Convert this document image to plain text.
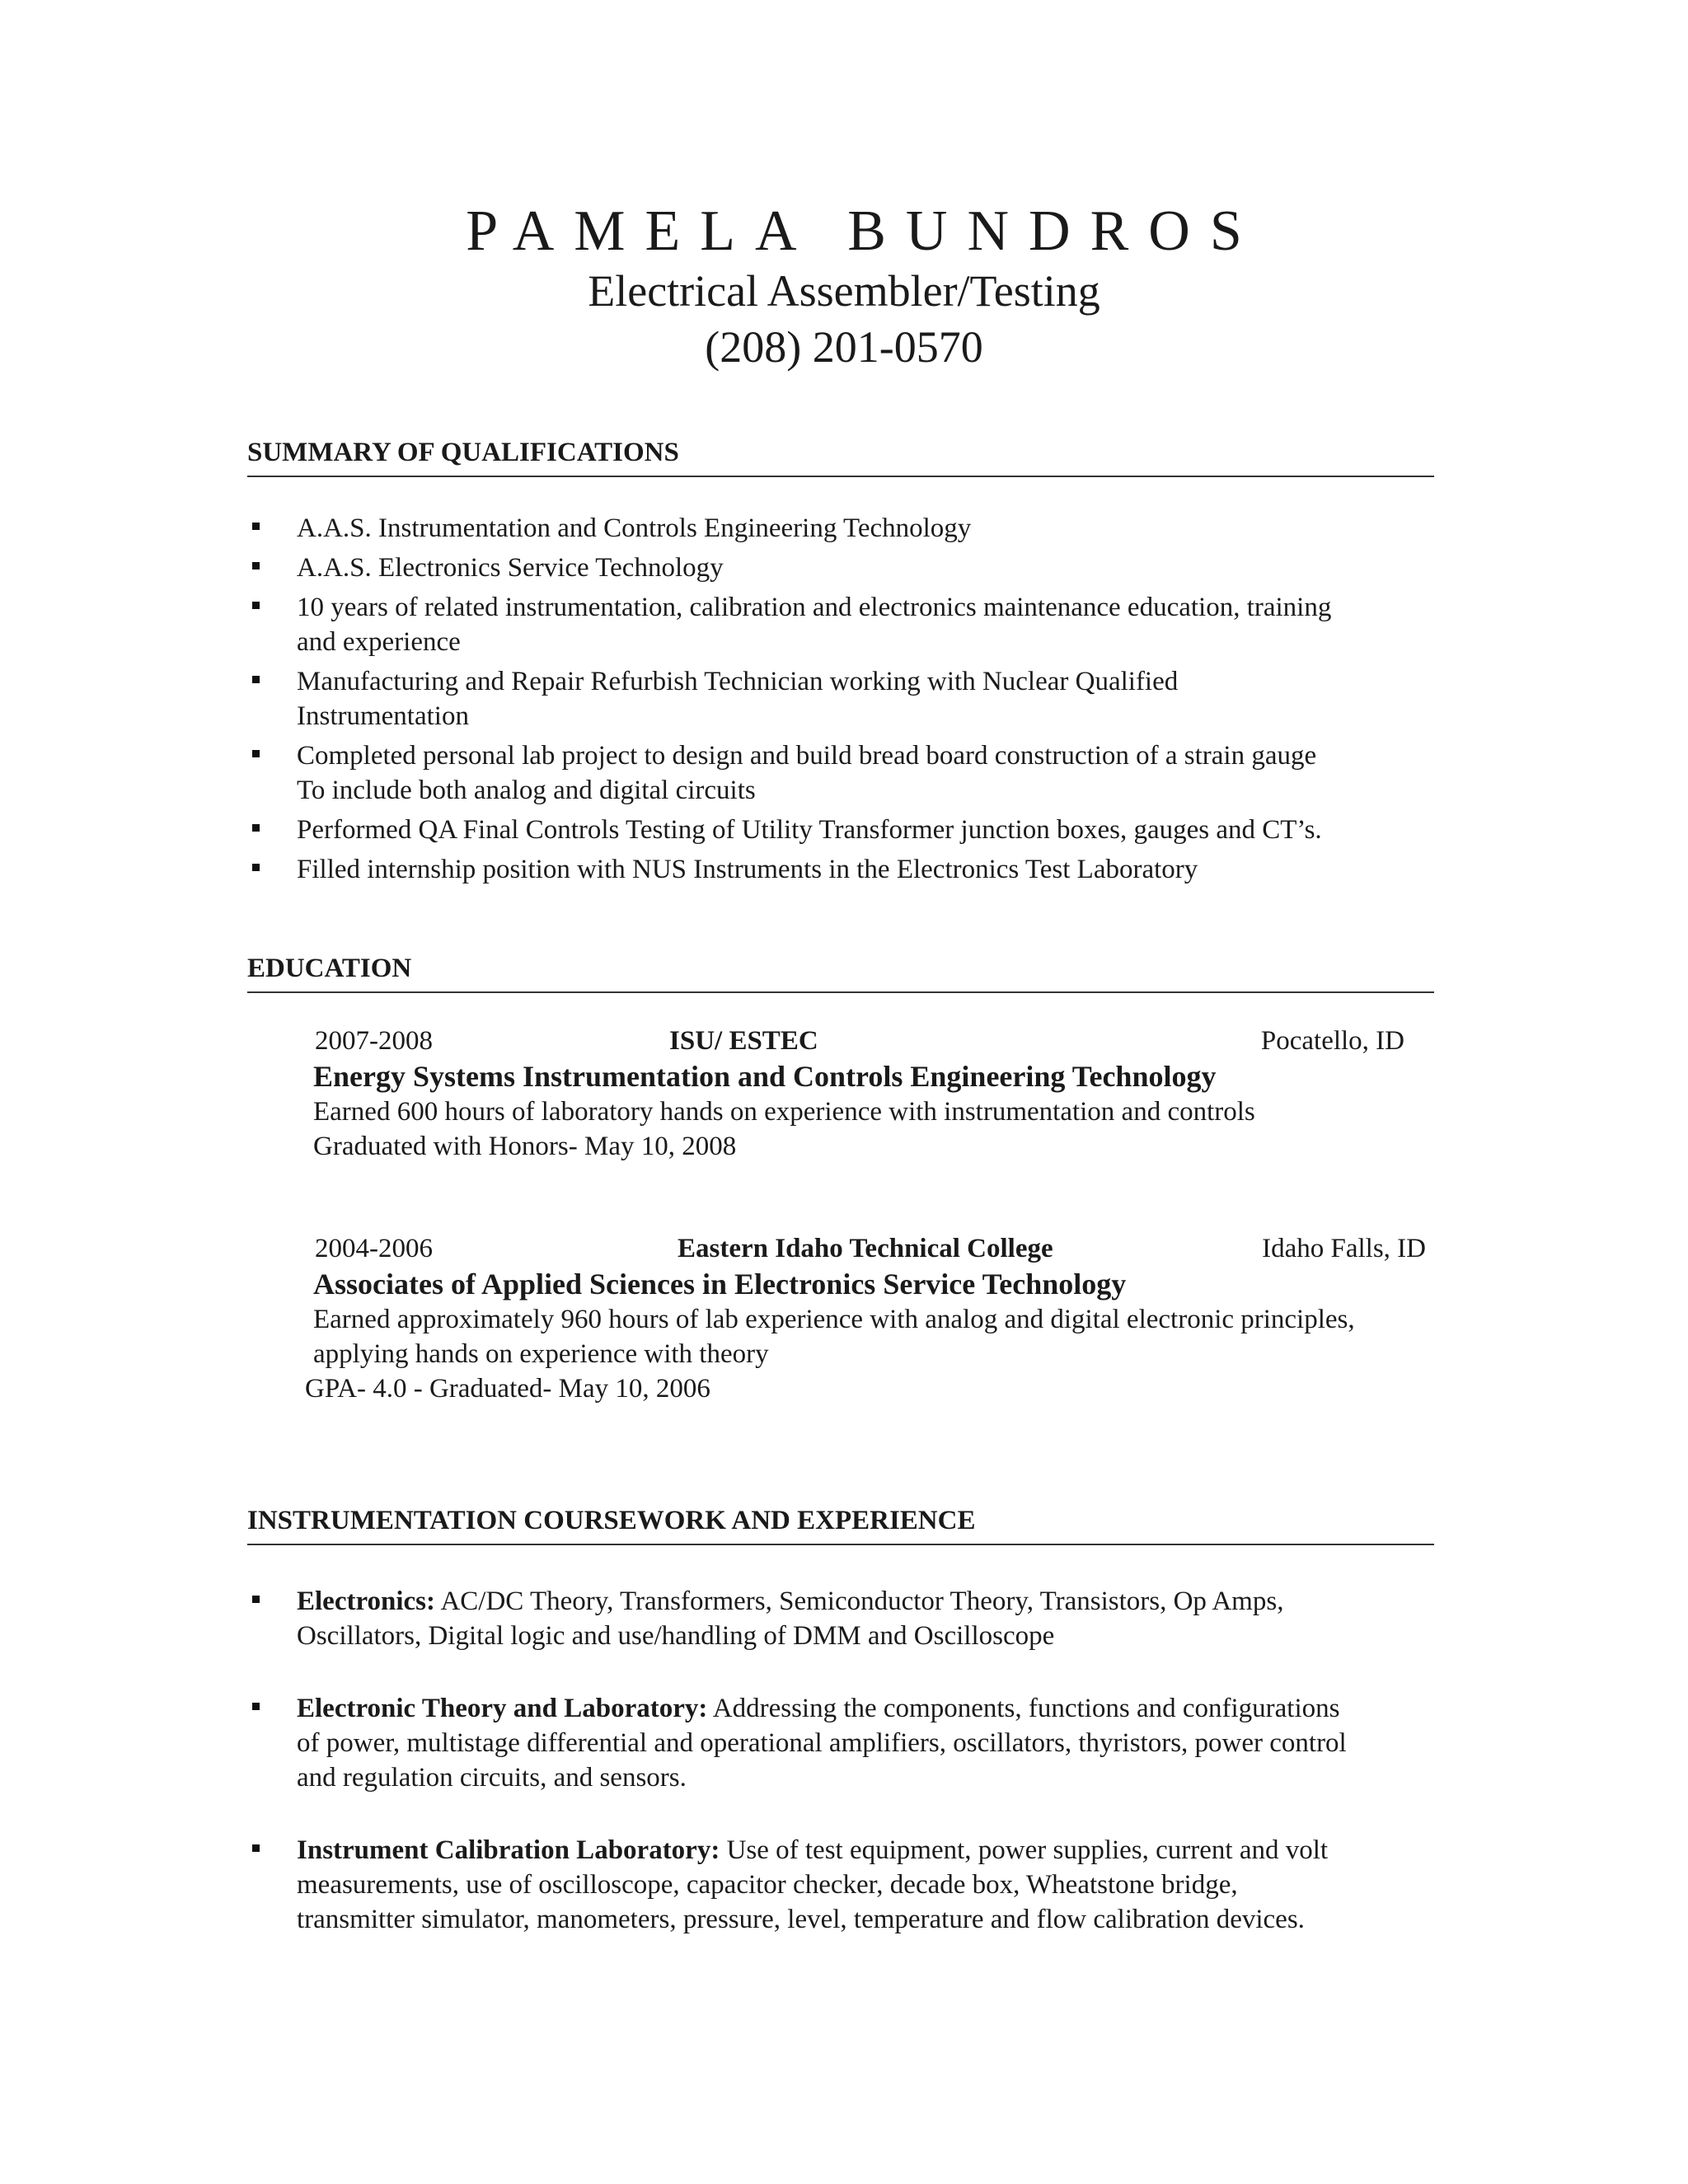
PAMELA BUNDROS
Electrical Assembler/Testing
(208) 201-0570
SUMMARY OF QUALIFICATIONS
A.A.S. Instrumentation and Controls Engineering Technology
A.A.S. Electronics Service Technology
10 years of related instrumentation, calibration and electronics maintenance education, training
and experience
Manufacturing and Repair Refurbish Technician working with Nuclear Qualified
Instrumentation
Completed personal lab project to design and build bread board construction of a strain gauge
To include both analog and digital circuits
Performed QA Final Controls Testing of Utility Transformer junction boxes, gauges and CT’s.
Filled internship position with NUS Instruments in the Electronics Test Laboratory
EDUCATION
2007-2008	ISU/ ESTEC	Pocatello, ID
Energy Systems Instrumentation and Controls Engineering Technology
Earned 600 hours of laboratory hands on experience with instrumentation and controls
Graduated with Honors- May 10, 2008
2004-2006	Eastern Idaho Technical College	Idaho Falls, ID
Associates of Applied Sciences in Electronics Service Technology
Earned approximately 960 hours of lab experience with analog and digital electronic principles,
applying hands on experience with theory
GPA- 4.0 - Graduated- May 10, 2006
INSTRUMENTATION COURSEWORK AND EXPERIENCE
Electronics: AC/DC Theory, Transformers, Semiconductor Theory, Transistors, Op Amps,
Oscillators, Digital logic and use/handling of DMM and Oscilloscope
Electronic Theory and Laboratory: Addressing the components, functions and configurations
of power, multistage differential and operational amplifiers, oscillators, thyristors, power control
and regulation circuits, and sensors.
Instrument Calibration Laboratory: Use of test equipment, power supplies, current and volt
measurements, use of oscilloscope, capacitor checker, decade box, Wheatstone bridge,
transmitter simulator, manometers, pressure, level, temperature and flow calibration devices.
